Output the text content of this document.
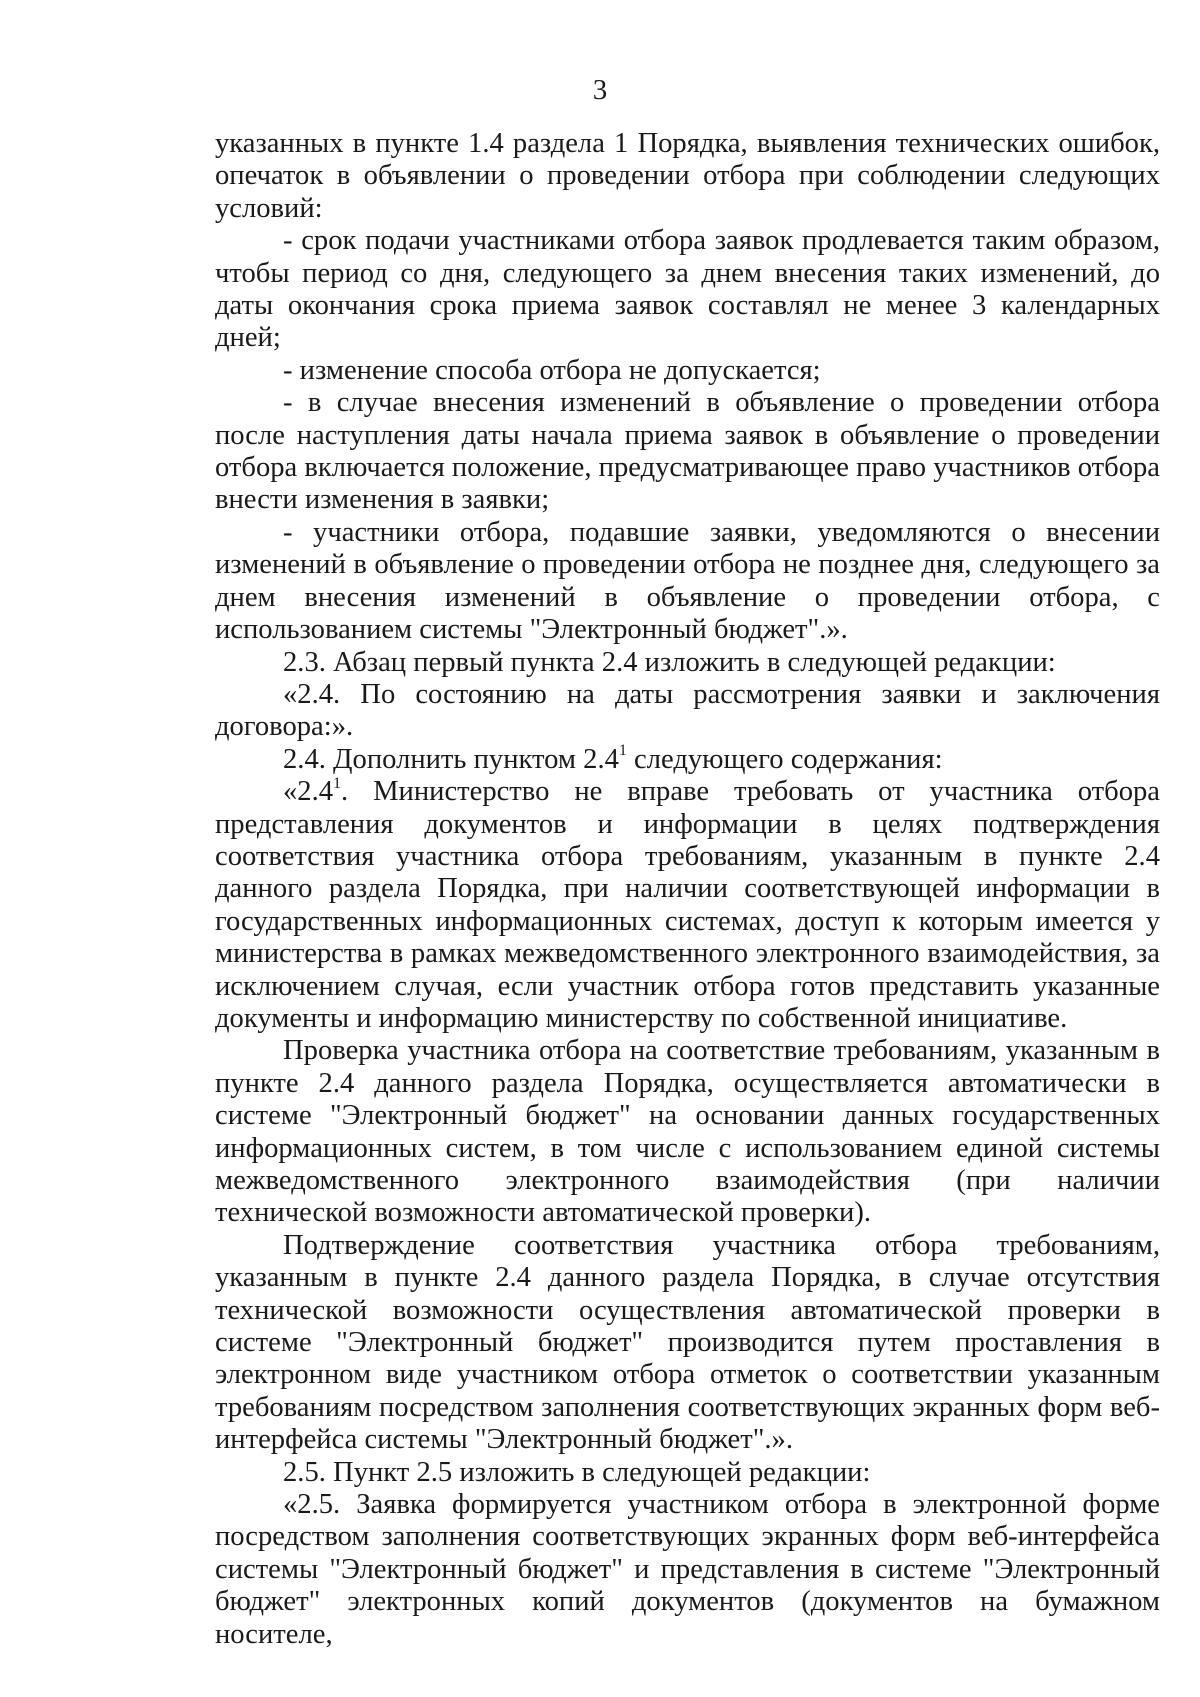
3

указанных в пункте 1.4 раздела 1 Порядка, выявления технических ошибок, опечаток в объявлении о проведении отбора при соблюдении следующих условий:

- срок подачи участниками отбора заявок продлевается таким образом, чтобы период со дня, следующего за днем внесения таких изменений, до даты окончания срока приема заявок составлял не менее 3 календарных дней;

- изменение способа отбора не допускается;

- в случае внесения изменений в объявление о проведении отбора после наступления даты начала приема заявок в объявление о проведении отбора включается положение, предусматривающее право участников отбора внести изменения в заявки;

- участники отбора, подавшие заявки, уведомляются о внесении изменений в объявление о проведении отбора не позднее дня, следующего за днем внесения изменений в объявление о проведении отбора, с использованием системы "Электронный бюджет".».

2.3. Абзац первый пункта 2.4 изложить в следующей редакции:

«2.4. По состоянию на даты рассмотрения заявки и заключения договора:».

2.4. Дополнить пунктом $2.4^1$ следующего содержания:

«$2.4^1$. Министерство не вправе требовать от участника отбора представления документов и информации в целях подтверждения соответствия участника отбора требованиям, указанным в пункте 2.4 данного раздела Порядка, при наличии соответствующей информации в государственных информационных системах, доступ к которым имеется у министерства в рамках межведомственного электронного взаимодействия, за исключением случая, если участник отбора готов представить указанные документы и информацию министерству по собственной инициативе.

Проверка участника отбора на соответствие требованиям, указанным в пункте 2.4 данного раздела Порядка, осуществляется автоматически в системе "Электронный бюджет" на основании данных государственных информационных систем, в том числе с использованием единой системы межведомственного электронного взаимодействия (при наличии технической возможности автоматической проверки).

Подтверждение соответствия участника отбора требованиям, указанным в пункте 2.4 данного раздела Порядка, в случае отсутствия технической возможности осуществления автоматической проверки в системе "Электронный бюджет" производится путем проставления в электронном виде участником отбора отметок о соответствии указанным требованиям посредством заполнения соответствующих экранных форм веб-интерфейса системы "Электронный бюджет".».

2.5. Пункт 2.5 изложить в следующей редакции:

«2.5. Заявка формируется участником отбора в электронной форме посредством заполнения соответствующих экранных форм веб-интерфейса системы "Электронный бюджет" и представления в системе "Электронный бюджет" электронных копий документов (документов на бумажном носителе,
